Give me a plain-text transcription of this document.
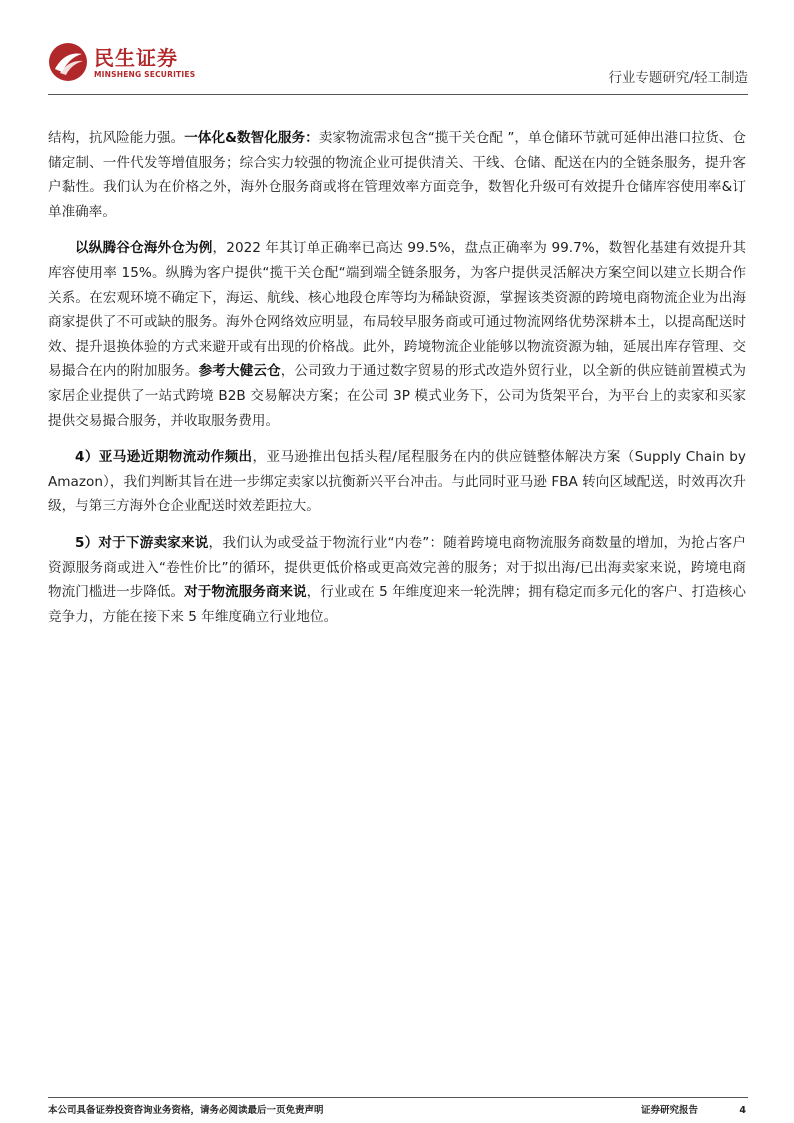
民生证券
MINSHENG SECURITIES	行业专题研究/轻工制造

结构，抗风险能力强。一体化&数智化服务：卖家物流需求包含“揽干关仓配 ”，单仓储环节就可延伸出港口拉货、仓储定制、一件代发等增值服务；综合实力较强的物流企业可提供清关、干线、仓储、配送在内的全链条服务，提升客户黏性。我们认为在价格之外，海外仓服务商或将在管理效率方面竞争，数智化升级可有效提升仓储库容使用率&订单准确率。

以纵腾谷仓海外仓为例，2022 年其订单正确率已高达 99.5%，盘点正确率为 99.7%，数智化基建有效提升其库容使用率 15%。纵腾为客户提供“揽干关仓配“端到端全链条服务，为客户提供灵活解决方案空间以建立长期合作关系。在宏观环境不确定下，海运、航线、核心地段仓库等均为稀缺资源，掌握该类资源的跨境电商物流企业为出海商家提供了不可或缺的服务。海外仓网络效应明显，布局较早服务商或可通过物流网络优势深耕本土，以提高配送时效、提升退换体验的方式来避开或有出现的价格战。此外，跨境物流企业能够以物流资源为轴，延展出库存管理、交易撮合在内的附加服务。参考大健云仓，公司致力于通过数字贸易的形式改造外贸行业，以全新的供应链前置模式为家居企业提供了一站式跨境 B2B 交易解决方案；在公司 3P 模式业务下，公司为货架平台，为平台上的卖家和买家提供交易撮合服务，并收取服务费用。

4）亚马逊近期物流动作频出，亚马逊推出包括头程/尾程服务在内的供应链整体解决方案（Supply Chain by Amazon），我们判断其旨在进一步绑定卖家以抗衡新兴平台冲击。与此同时亚马逊 FBA 转向区域配送，时效再次升级，与第三方海外仓企业配送时效差距拉大。

5）对于下游卖家来说，我们认为或受益于物流行业“内卷”：随着跨境电商物流服务商数量的增加，为抢占客户资源服务商或进入“卷性价比”的循环，提供更低价格或更高效完善的服务；对于拟出海/已出海卖家来说，跨境电商物流门槛进一步降低。对于物流服务商来说，行业或在 5 年维度迎来一轮洗牌；拥有稳定而多元化的客户、打造核心竞争力，方能在接下来 5 年维度确立行业地位。

本公司具备证券投资咨询业务资格，请务必阅读最后一页免责声明	证券研究报告	4
